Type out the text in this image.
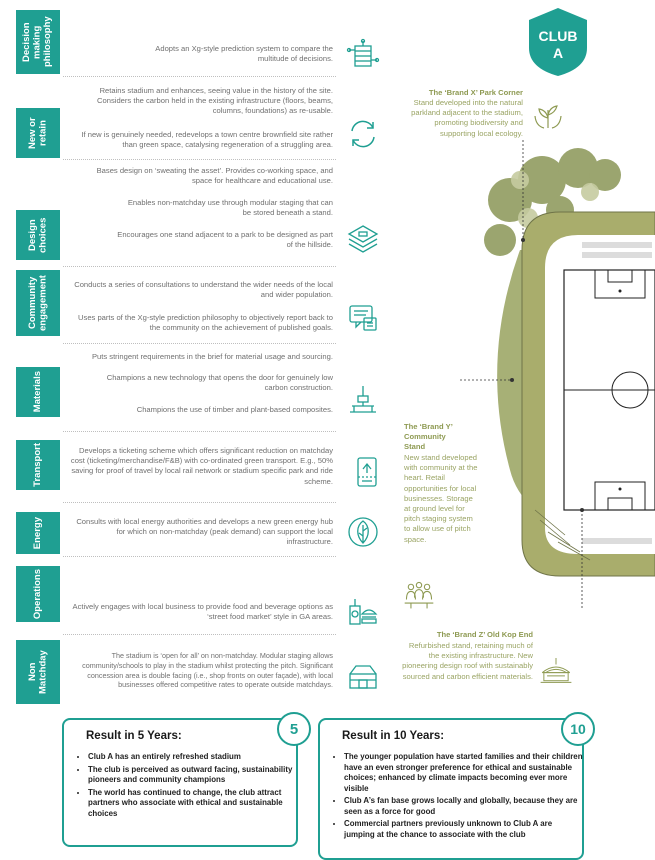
Decision making philosophy
New or retain
Design choices
Community engagement
Materials
Transport
Energy
Operations
Non Matchday
Adopts an Xg-style prediction system to compare the multitude of decisions.
Retains stadium and enhances, seeing value in the history of the site. Considers the carbon held in the existing infrastructure (floors, beams, columns, foundations) as re-usable.
If new is genuinely needed, redevelops a town centre brownfield site rather than green space, catalysing regeneration of a struggling area.
Bases design on ‘sweating the asset’. Provides co-working space, and space for healthcare and educational use.
Enables non-matchday use through modular staging that can be stored beneath a stand.
Encourages one stand adjacent to a park to be designed as part of the hillside.
Conducts a series of consultations to understand the wider needs of the local and wider population.
Uses parts of the Xg-style prediction philosophy to objectively report back to the community on the achievement of published goals.
Puts stringent requirements in the brief for material usage and sourcing.
Champions a new technology that opens the door for genuinely low carbon construction.
Champions the use of timber and plant-based composites.
Develops a ticketing scheme which offers significant reduction on matchday cost (ticketing/merchandise/F&B) with co-ordinated green transport. E.g., 50% saving for proof of travel by local rail network or stadium specific park and ride scheme.
Consults with local energy authorities and develops a new green energy hub for which on non-matchday (peak demand) can support the local infrastructure.
Actively engages with local business to provide food and beverage options as ‘street food market’ style in GA areas.
The stadium is ‘open for all’ on non-matchday. Modular staging allows community/schools to play in the stadium whilst protecting the pitch. Significant concession area is double facing (i.e., shop fronts on outer façade), with local businesses offered competitive rates to operate outside matchdays.
CLUB
A
The ‘Brand X’ Park Corner
Stand developed into the natural parkland adjacent to the stadium, promoting biodiversity and supporting local ecology.
The ‘Brand Y’ Community Stand
New stand developed with community at the heart. Retail opportunities for local businesses. Storage at ground level for pitch staging system to allow use of pitch space.
The ‘Brand Z’ Old Kop End
Refurbished stand, retaining much of the existing infrastructure. New pioneering design roof with sustainably sourced and carbon efficient materials.
Result in 5 Years:
• Club A has an entirely refreshed stadium
• The club is perceived as outward facing, sustainability pioneers and community champions
• The world has continued to change, the club attract partners who associate with ethical and sustainable choices
5	Result in 10 Years:
• The younger population have started families and their children have an even stronger preference for ethical and sustainable choices; enhanced by climate impacts becoming ever more visible
• Club A’s fan base grows locally and globally, because they are seen as a force for good
• Commercial partners previously unknown to Club A are jumping at the chance to associate with the club
10
